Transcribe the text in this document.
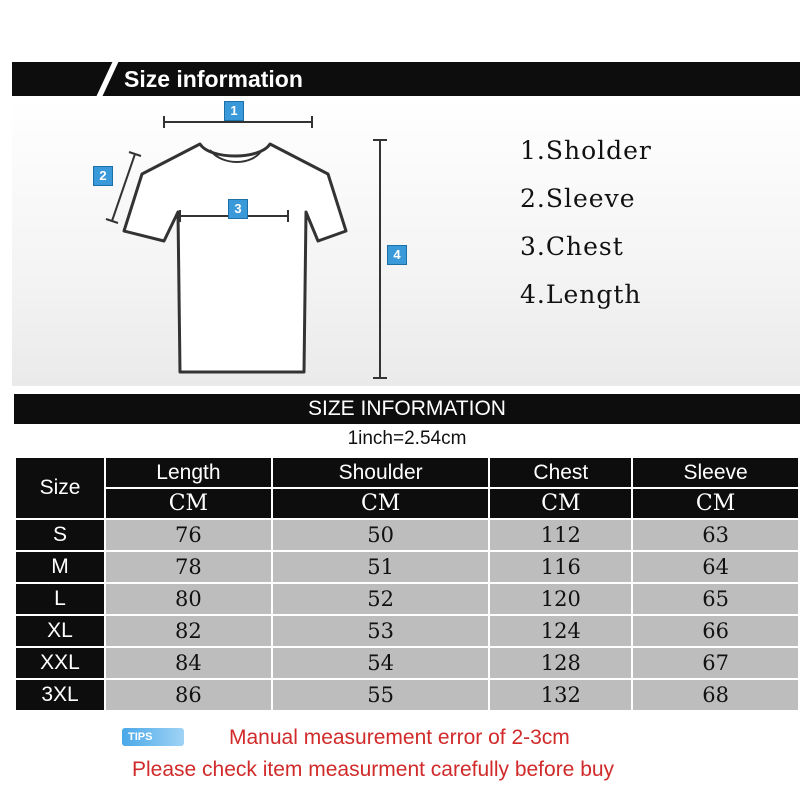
Size information
1
2
3
4
1.Sholder
2.Sleeve
3.Chest
4.Length
SIZE INFORMATION
1inch=2.54cm
Size	Length	Shoulder	Chest	Sleeve
	CM	CM	CM	CM
S	76	50	112	63
M	78	51	116	64
L	80	52	120	65
XL	82	53	124	66
XXL	84	54	128	67
3XL	86	55	132	68
TIPS	Manual measurement error of 2-3cm
Please check item measurment carefully before buy
